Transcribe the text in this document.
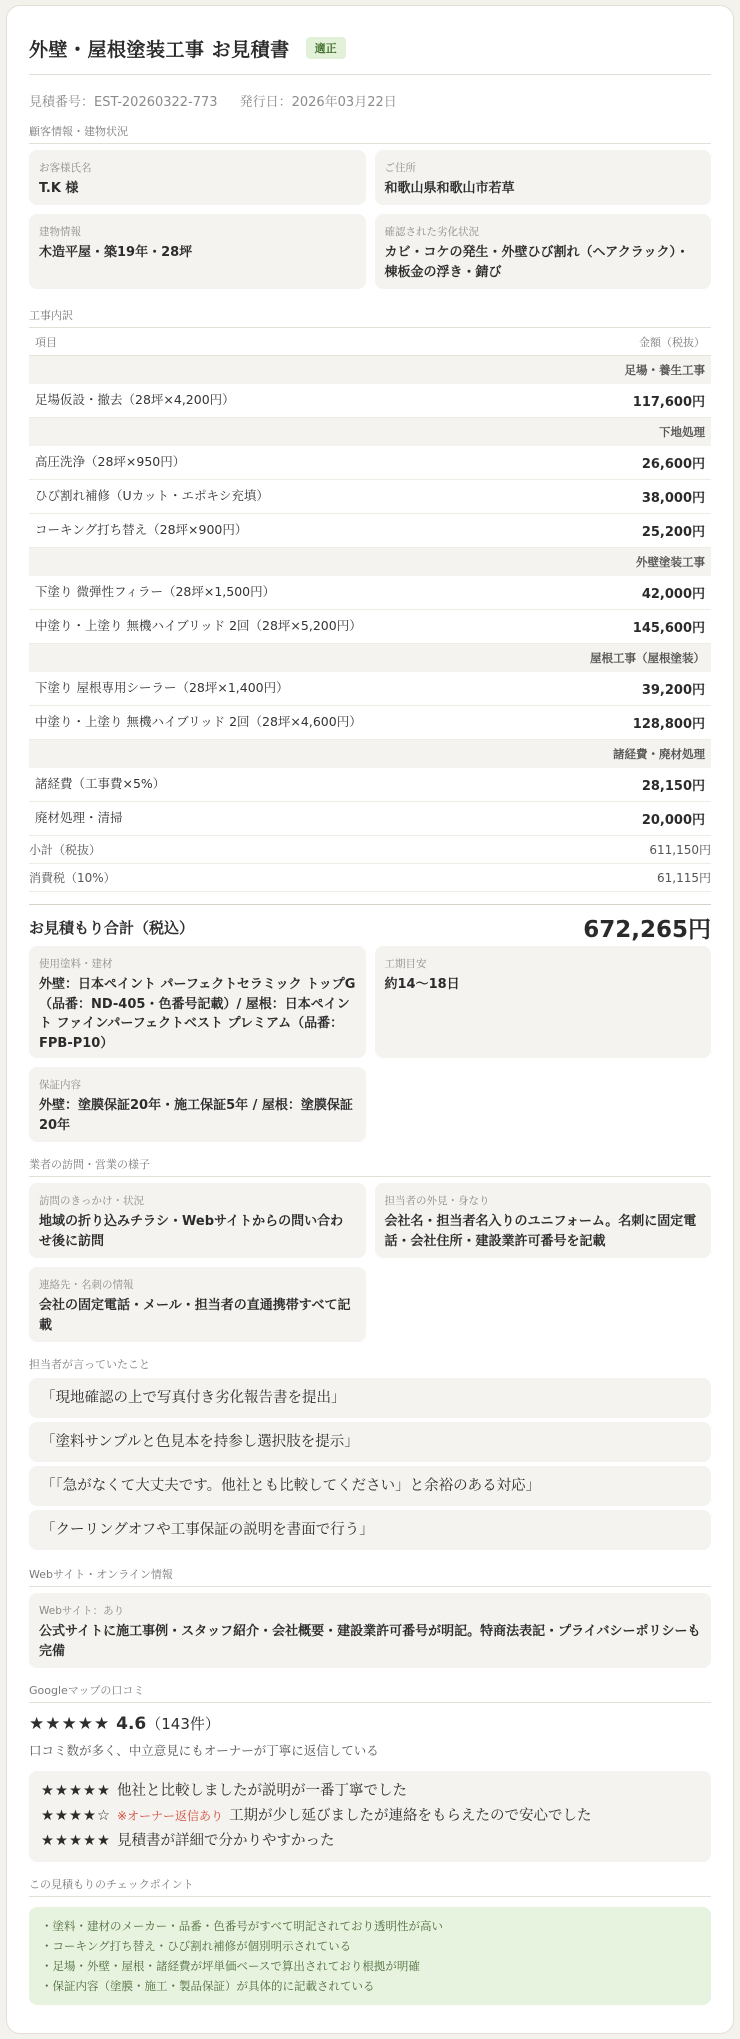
外壁・屋根塗装工事 お見積書	適正
見積番号：EST-20260322-773 発行日：2026年03月22日
顧客情報・建物状況
お客様氏名
T.K 様
ご住所
和歌山県和歌山市若草
建物情報
木造平屋・築19年・28坪
確認された劣化状況
カビ・コケの発生・外壁ひび割れ（ヘアクラック）・棟板金の浮き・錆び
工事内訳
項目	金額（税抜）
足場・養生工事
足場仮設・撤去（28坪×4,200円）	117,600円
下地処理
高圧洗浄（28坪×950円）	26,600円
ひび割れ補修（Uカット・エポキシ充填）	38,000円
コーキング打ち替え（28坪×900円）	25,200円
外壁塗装工事
下塗り 微弾性フィラー（28坪×1,500円）	42,000円
中塗り・上塗り 無機ハイブリッド 2回（28坪×5,200円）	145,600円
屋根工事（屋根塗装）
下塗り 屋根専用シーラー（28坪×1,400円）	39,200円
中塗り・上塗り 無機ハイブリッド 2回（28坪×4,600円）	128,800円
諸経費・廃材処理
諸経費（工事費×5%）	28,150円
廃材処理・清掃	20,000円
小計（税抜）	611,150円
消費税（10%）	61,115円
お見積もり合計（税込）	672,265円
使用塗料・建材
外壁：日本ペイント パーフェクトセラミック トップG（品番：ND-405・色番号記載）/ 屋根：日本ペイント ファインパーフェクトベスト プレミアム（品番：FPB-P10）
工期目安
約14〜18日
保証内容
外壁：塗膜保証20年・施工保証5年 / 屋根：塗膜保証20年
業者の訪問・営業の様子
訪問のきっかけ・状況
地域の折り込みチラシ・Webサイトからの問い合わせ後に訪問
担当者の外見・身なり
会社名・担当者名入りのユニフォーム。名刺に固定電話・会社住所・建設業許可番号を記載
連絡先・名刺の情報
会社の固定電話・メール・担当者の直通携帯すべて記載
担当者が言っていたこと
「現地確認の上で写真付き劣化報告書を提出」
「塗料サンプルと色見本を持参し選択肢を提示」
「「急がなくて大丈夫です。他社とも比較してください」と余裕のある対応」
「クーリングオフや工事保証の説明を書面で行う」
Webサイト・オンライン情報
Webサイト：あり
公式サイトに施工事例・スタッフ紹介・会社概要・建設業許可番号が明記。特商法表記・プライバシーポリシーも完備
Googleマップの口コミ
★★★★★ 4.6（143件）
口コミ数が多く、中立意見にもオーナーが丁寧に返信している
★★★★★ 他社と比較しましたが説明が一番丁寧でした
★★★★☆ ※オーナー返信あり 工期が少し延びましたが連絡をもらえたので安心でした
★★★★★ 見積書が詳細で分かりやすかった
この見積もりのチェックポイント
・塗料・建材のメーカー・品番・色番号がすべて明記されており透明性が高い
・コーキング打ち替え・ひび割れ補修が個別明示されている
・足場・外壁・屋根・諸経費が坪単価ベースで算出されており根拠が明確
・保証内容（塗膜・施工・製品保証）が具体的に記載されている
